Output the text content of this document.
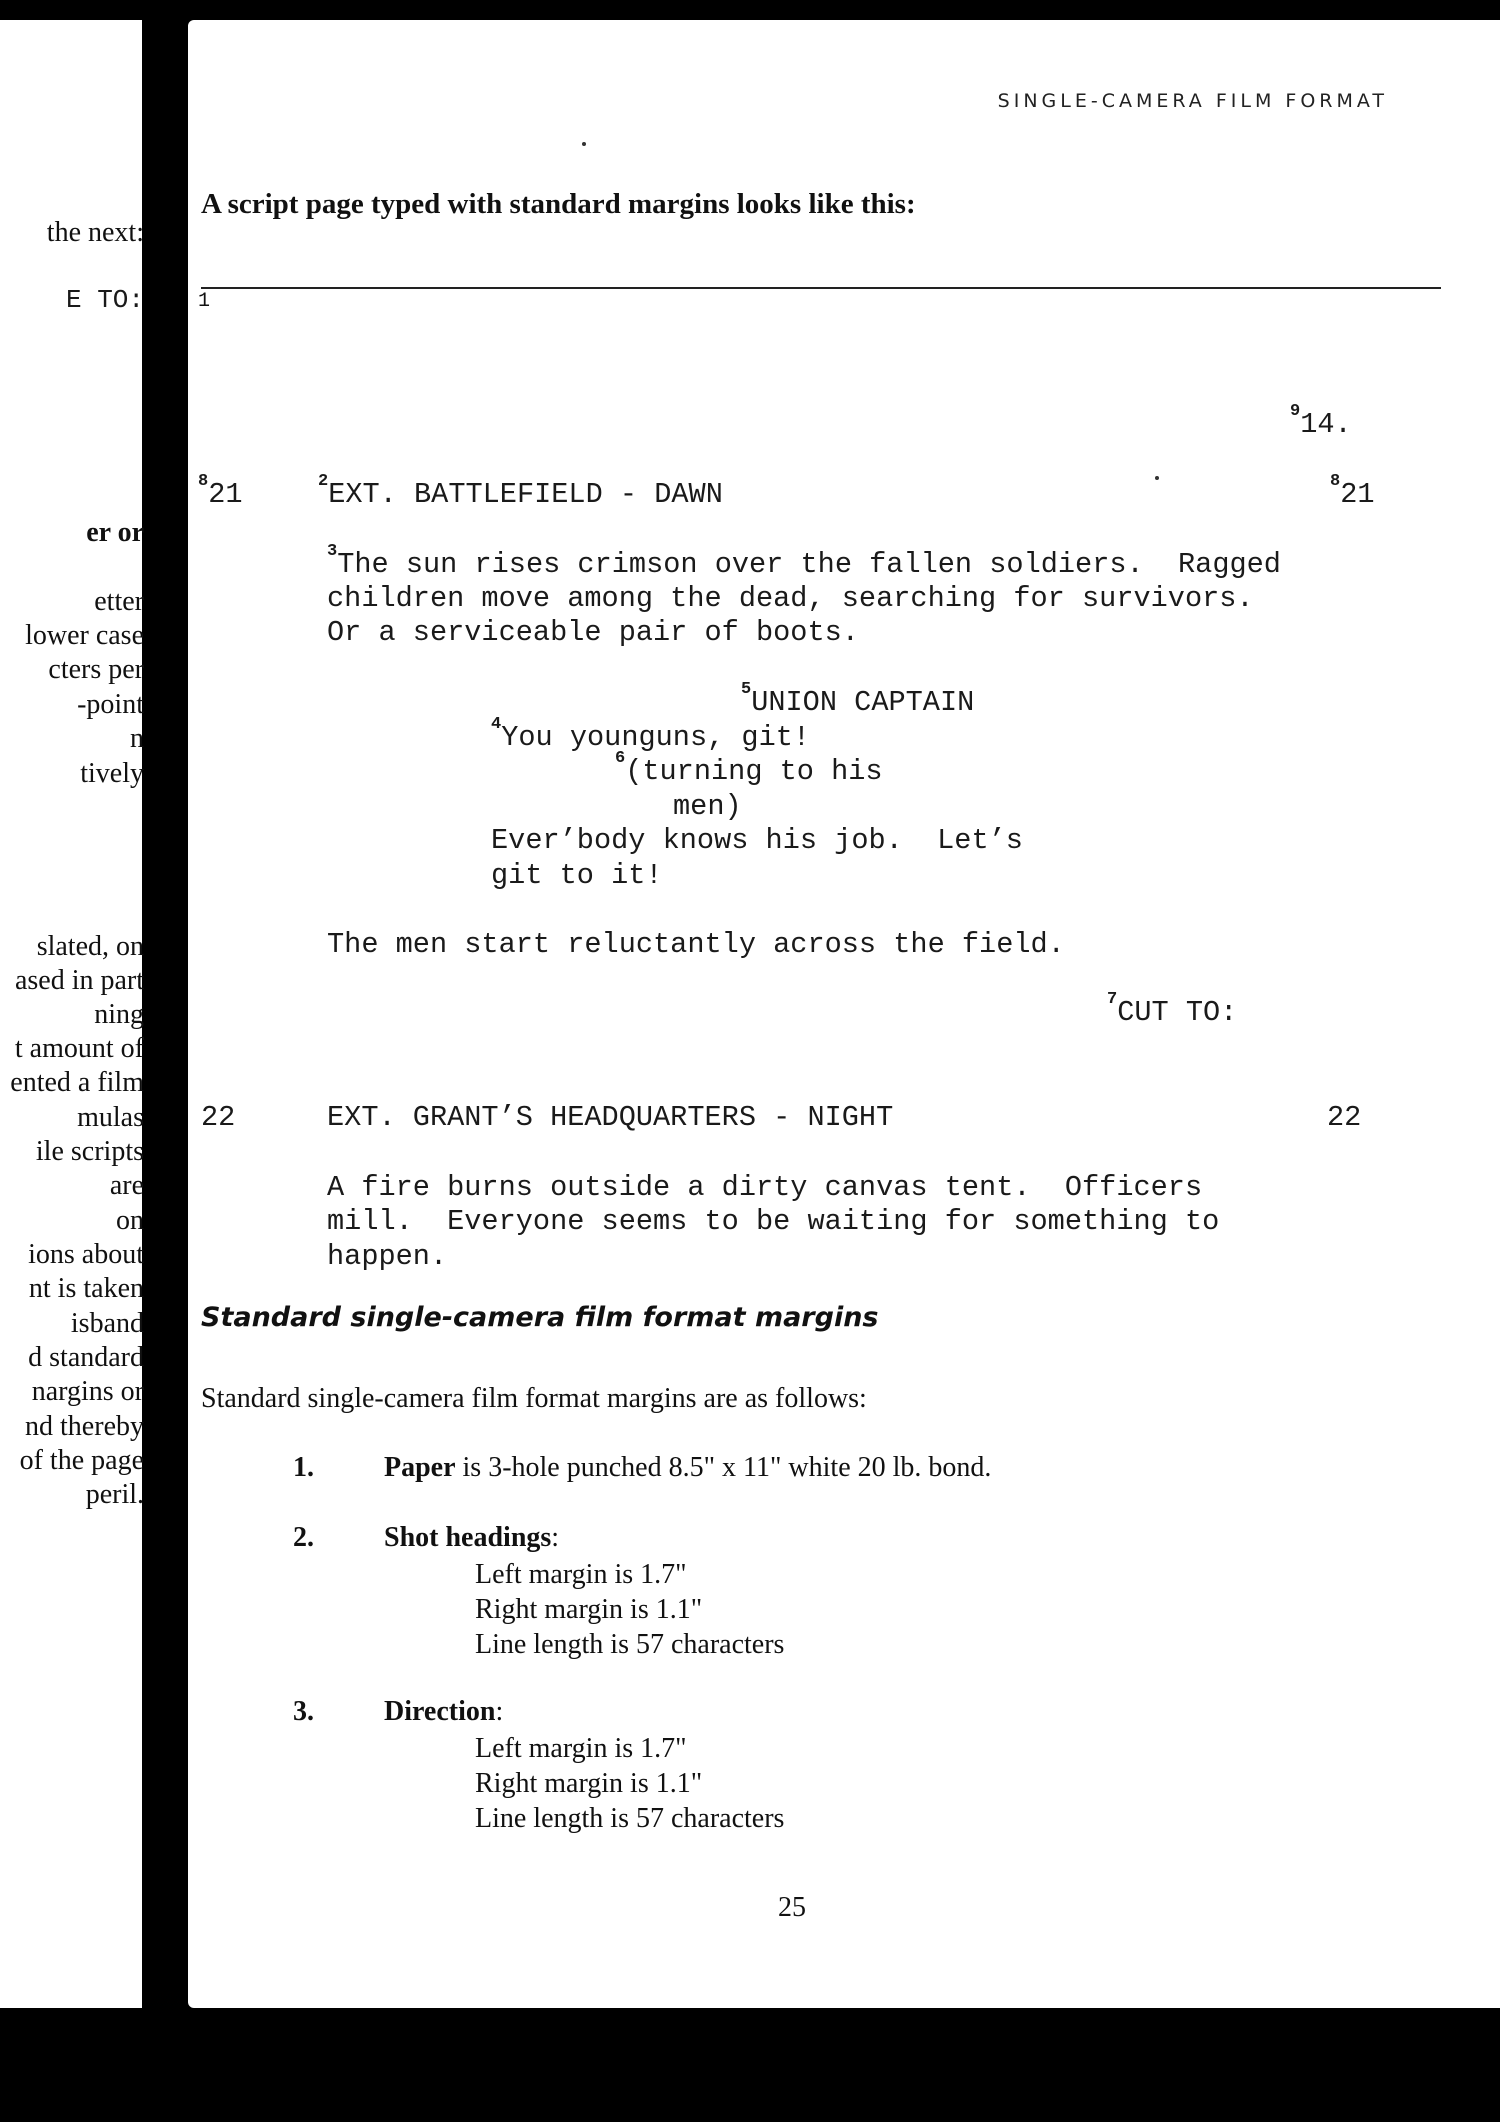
the next:
E TO:
er or
etter
lower case
cters per
-point
n
tively
slated, on
ased in part
ning
t amount of
ented a film
mulas
ile scripts
are
on
ions about
nt is taken
isband
d standard
nargins or
nd thereby
of the page
peril.
SINGLE-CAMERA FILM FORMAT
A script page typed with standard margins looks like this:
1
$^9$14.
$^8$21	$^2$EXT. BATTLEFIELD - DAWN	$^8$21
$^3$The sun rises crimson over the fallen soldiers.  Ragged
children move among the dead, searching for survivors.
Or a serviceable pair of boots.
$^5$UNION CAPTAIN
$^4$You younguns, git!
$^6$(turning to his
men)
Ever’body knows his job.  Let’s
git to it!
The men start reluctantly across the field.
$^7$CUT TO:
22	EXT. GRANT’S HEADQUARTERS - NIGHT	22
A fire burns outside a dirty canvas tent.  Officers
mill.  Everyone seems to be waiting for something to
happen.
Standard single-camera film format margins
Standard single-camera film format margins are as follows:
1.	Paper is 3-hole punched 8.5" x 11" white 20 lb. bond.
2.	Shot headings:
Left margin is 1.7"
Right margin is 1.1"
Line length is 57 characters
3.	Direction:
Left margin is 1.7"
Right margin is 1.1"
Line length is 57 characters
25
